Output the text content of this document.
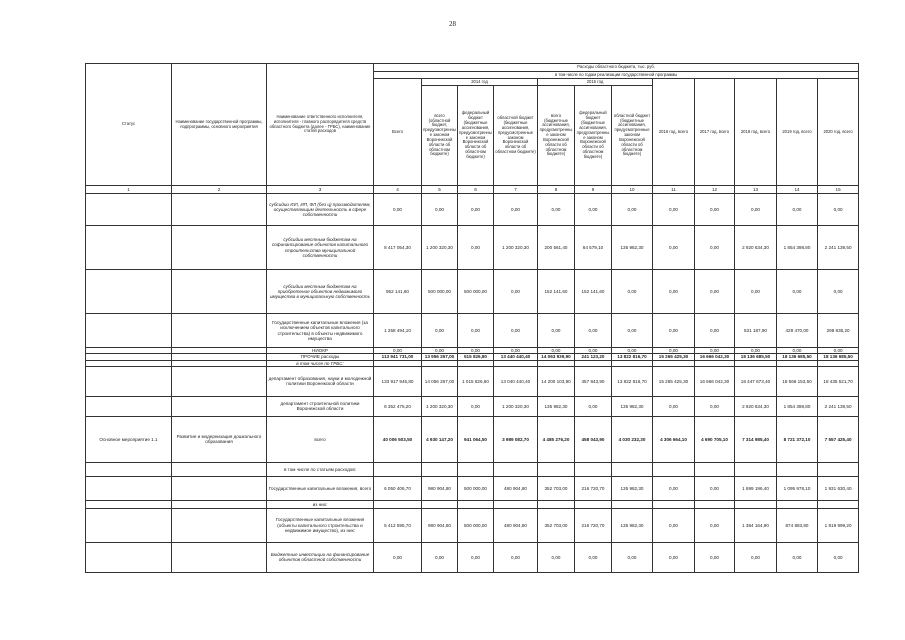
28
Статус	Наименование государственной программы, подпрограммы, основного мероприятия	Наименование ответственного исполнителя, исполнителя - главного распорядителя средств областного бюджета (далее - ГРБС), наименование статей расходов	Расходы областного бюджета, тыс. руб.											
			в том числе по годам реализации государственной программы											
			Всего	2014 год			2015 год			2016 год, всего	2017 год, всего	2018 год, всего	2019 год, всего	2020 год, всего
				всего (областной бюджет, предусмотренные законом Воронежской области об областном бюджете)	федеральный бюджет (бюджетные ассигнования, предусмотренные законом Воронежской области об областном бюджете)	областной бюджет (бюджетные ассигнования, предусмотренные законом Воронежской области об областном бюджете)	всего (бюджетные ассигнования, предусмотренные законом Воронежской области об областном бюджете)	федеральный бюджет (бюджетные ассигнования, предусмотренные законом Воронежской области об областном бюджете)	областной бюджет (бюджетные ассигнования, предусмотренные законом Воронежской области об областном бюджете)					
1	2	3	4	5	6	7	8	9	10	11	12	13	14	15
		субсидии ЮЛ, ИП, ФЛ (без ц) производителям, осуществляющим деятельность в сфере собственности	0,00	0,00	0,00	0,00	0,00	0,00	0,00	0,00	0,00	0,00	0,00	0,00
		субсидии местным бюджетам на софинансирование объектов капитального строительства муниципальной собственности	8 417 054,30	1 200 320,30	0,00	1 200 320,30	200 561,40	64 579,10	135 982,30	0,00	0,00	2 920 634,30	1 854 398,80	2 241 139,50
		субсидии местным бюджетам на приобретение объектов недвижимого имущества в муниципальную собственность	952 141,60	500 000,00	500 000,00	0,00	152 141,60	152 141,60	0,00	0,00	0,00	0,00	0,00	0,00
		Государственные капитальные вложения (за исключением объектов капитального строительства) в объекты недвижимого имущества	1 258 494,10	0,00	0,00	0,00	0,00	0,00	0,00	0,00	0,00	531 187,90	429 470,00	298 836,20
		НИОКР	0,00	0,00	0,00	0,00	0,00	0,00	0,00	0,00	0,00	0,00	0,00	0,00
		ПРОЧИЕ расходы	113 941 731,00	13 956 267,00	515 826,80	13 440 440,40	14 063 939,90	241 123,20	13 822 816,70	15 265 425,30	16 666 042,30	18 136 685,50	18 136 685,50	18 136 685,50
		в том числе по ГРБС:												
		департамент образования, науки и молодежной политики Воронежской области	133 917 945,80	14 056 267,00	1 015 826,60	13 040 440,40	14 200 103,90	457 843,90	13 822 816,70	15 265 425,30	16 666 042,30	18 447 673,40	18 566 153,50	18 435 521,70
		департамент строительной политики Воронежской области	8 352 475,20	1 200 320,30	0,00	1 200 320,30	135 982,30	0,00	135 982,30	0,00	0,00	2 920 634,30	1 854 398,80	2 241 139,50
Основное мероприятие 1.1	Развитие и модернизация дошкольного образования	всего	40 006 503,50	4 930 147,20	941 064,50	3 989 082,70	4 485 276,20	458 043,90	4 030 232,30	4 306 664,10	4 690 705,10	7 314 985,40	8 721 372,10	7 557 425,40
		в том числе по статьям расходов:												
		Государственные капитальные вложения, всего	6 050 406,70	980 904,80	500 000,00	480 904,80	352 703,00	216 720,70	135 982,30	0,00	0,00	1 699 196,40	1 095 978,10	1 931 630,40
		из них:												
		Государственные капитальные вложения (объекты капитального строительства и недвижимое имущество), из них:	5 412 595,70	980 904,80	500 000,00	480 904,80	352 703,00	216 720,70	135 982,30	0,00	0,00	1 384 164,90	874 883,80	1 819 999,20
		Бюджетные инвестиции на финансирование объектов областной собственности	0,00	0,00	0,00	0,00	0,00	0,00	0,00	0,00	0,00	0,00	0,00	0,00
